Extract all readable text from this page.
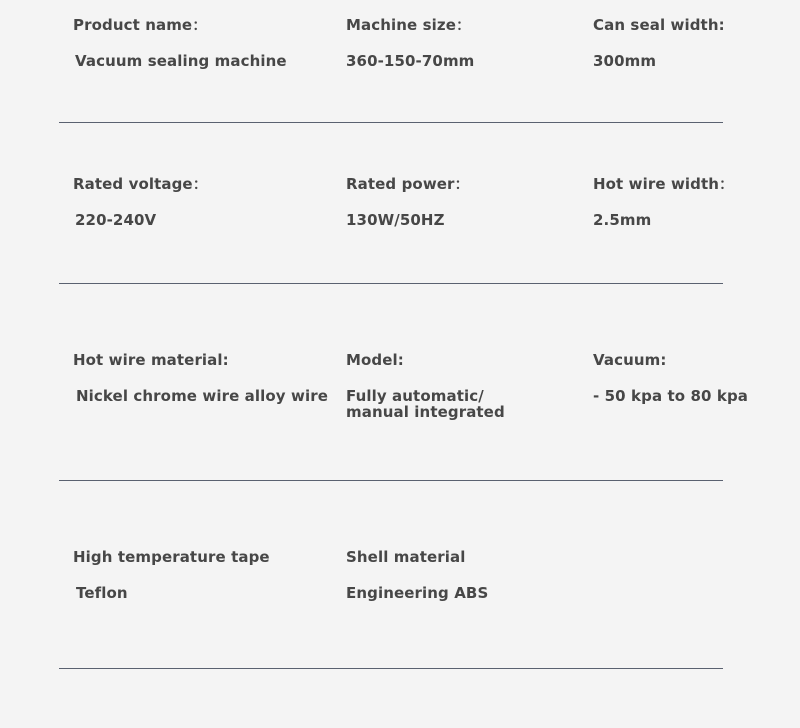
Product name：
Vacuum sealing machine
Machine size：
360-150-70mm
Can seal width:
300mm
Rated voltage：
220-240V
Rated power：
130W/50HZ
Hot wire width：
2.5mm
Hot wire material:
Nickel chrome wire alloy wire
Model:
Fully automatic/
manual integrated
Vacuum:
- 50 kpa to 80 kpa
High temperature tape
Teflon
Shell material
Engineering ABS
